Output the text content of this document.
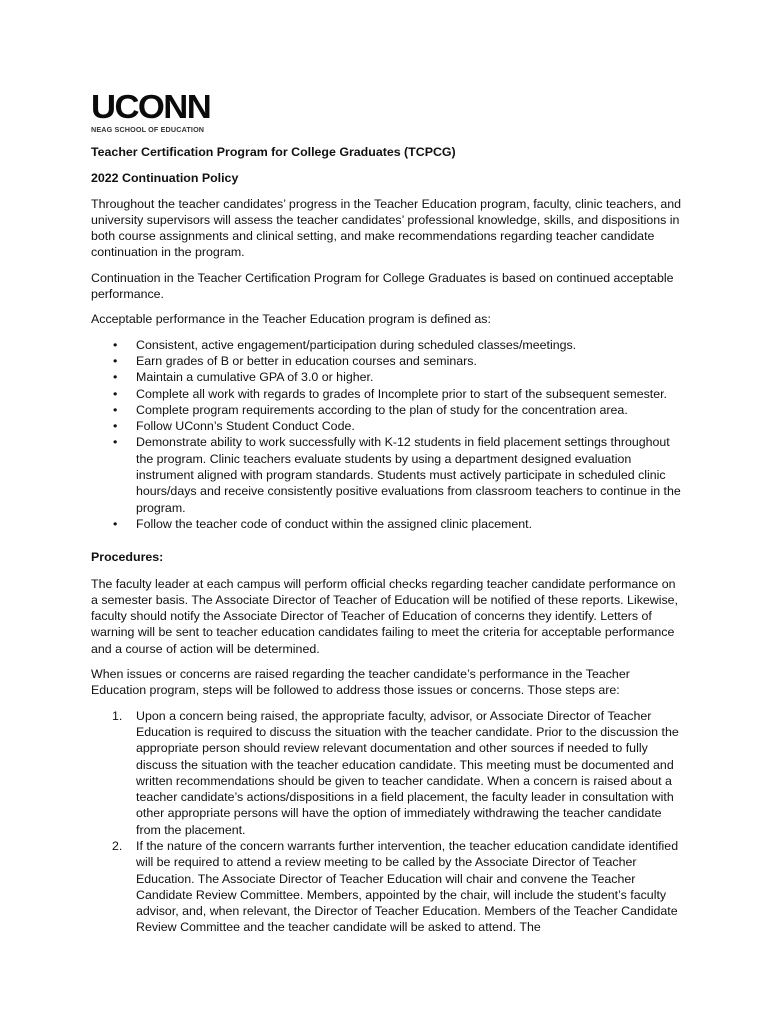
UCONN
NEAG SCHOOL OF EDUCATION
Teacher Certification Program for College Graduates (TCPCG)
2022 Continuation Policy

Throughout the teacher candidates’ progress in the Teacher Education program, faculty, clinic teachers, and university supervisors will assess the teacher candidates’ professional knowledge, skills, and dispositions in both course assignments and clinical setting, and make recommendations regarding teacher candidate continuation in the program.

Continuation in the Teacher Certification Program for College Graduates is based on continued acceptable performance.

Acceptable performance in the Teacher Education program is defined as:

• Consistent, active engagement/participation during scheduled classes/meetings.
• Earn grades of B or better in education courses and seminars.
• Maintain a cumulative GPA of 3.0 or higher.
• Complete all work with regards to grades of Incomplete prior to start of the subsequent semester.
• Complete program requirements according to the plan of study for the concentration area.
• Follow UConn’s Student Conduct Code.
• Demonstrate ability to work successfully with K-12 students in field placement settings throughout the program. Clinic teachers evaluate students by using a department designed evaluation instrument aligned with program standards. Students must actively participate in scheduled clinic hours/days and receive consistently positive evaluations from classroom teachers to continue in the program.
• Follow the teacher code of conduct within the assigned clinic placement.
Procedures:

The faculty leader at each campus will perform official checks regarding teacher candidate performance on a semester basis. The Associate Director of Teacher of Education will be notified of these reports. Likewise, faculty should notify the Associate Director of Teacher of Education of concerns they identify. Letters of warning will be sent to teacher education candidates failing to meet the criteria for acceptable performance and a course of action will be determined.

When issues or concerns are raised regarding the teacher candidate’s performance in the Teacher Education program, steps will be followed to address those issues or concerns. Those steps are:

1. Upon a concern being raised, the appropriate faculty, advisor, or Associate Director of Teacher Education is required to discuss the situation with the teacher candidate. Prior to the discussion the appropriate person should review relevant documentation and other sources if needed to fully discuss the situation with the teacher education candidate. This meeting must be documented and written recommendations should be given to teacher candidate. When a concern is raised about a teacher candidate’s actions/dispositions in a field placement, the faculty leader in consultation with other appropriate persons will have the option of immediately withdrawing the teacher candidate from the placement.
2. If the nature of the concern warrants further intervention, the teacher education candidate identified will be required to attend a review meeting to be called by the Associate Director of Teacher Education. The Associate Director of Teacher Education will chair and convene the Teacher Candidate Review Committee. Members, appointed by the chair, will include the student’s faculty advisor, and, when relevant, the Director of Teacher Education. Members of the Teacher Candidate Review Committee and the teacher candidate will be asked to attend. The
